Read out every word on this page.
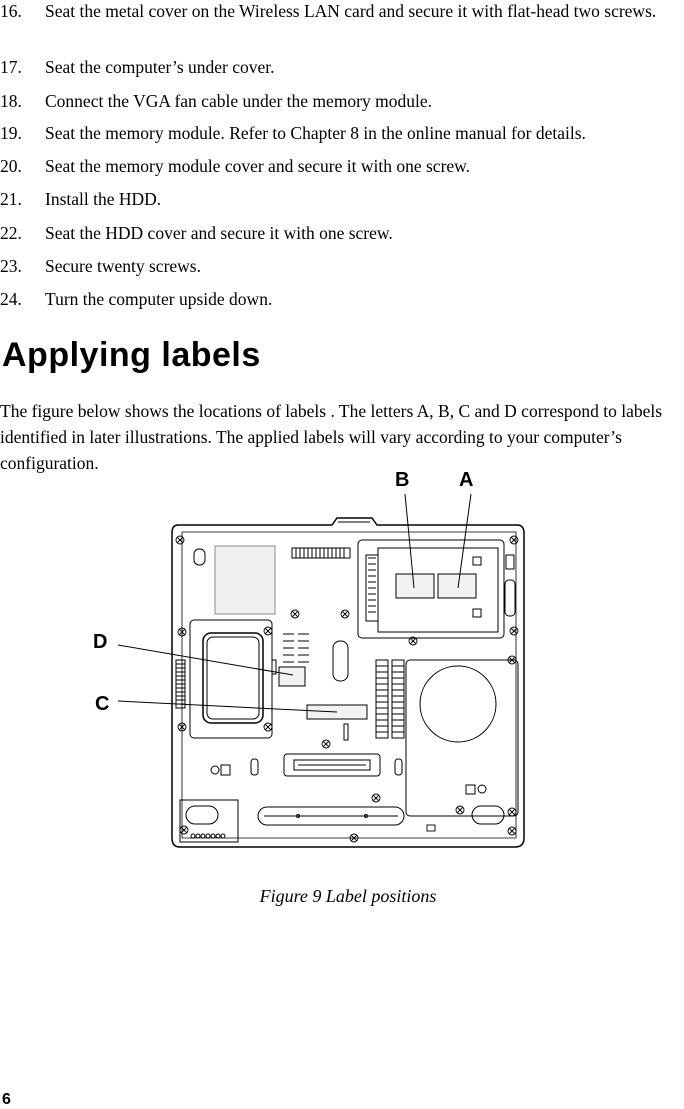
16.	Seat the metal cover on the Wireless LAN card and secure it with flat-head two screws.
17.	Seat the computer’s under cover.
18.	Connect the VGA fan cable under the memory module.
19.	Seat the memory module. Refer to Chapter 8 in the online manual for details.
20.	Seat the memory module cover and secure it with one screw.
21.	Install the HDD.
22.	Seat the HDD cover and secure it with one screw.
23.	Secure twenty screws.
24.	Turn the computer upside down.
Applying labels

The figure below shows the locations of labels . The letters A, B, C and D correspond to labels identified in later illustrations. The applied labels will vary according to your computer’s configuration.

B A
D
C

Figure 9 Label positions

6
